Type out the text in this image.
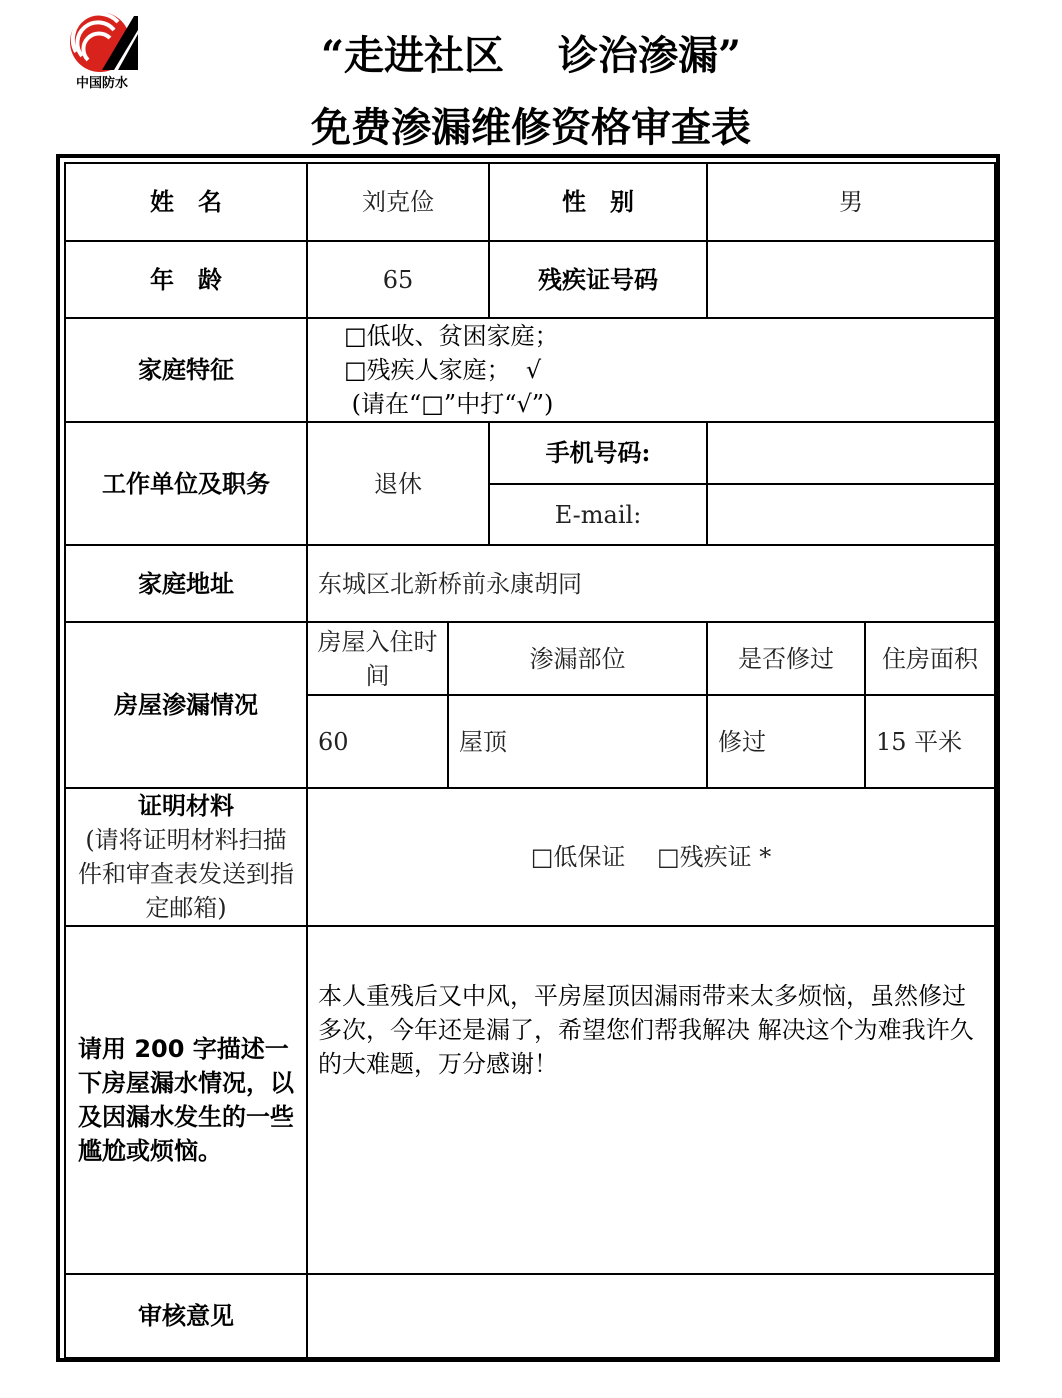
中国防水
“走进社区　 诊治渗漏”
免费渗漏维修资格审查表
姓　名	刘克俭		性　别	男	
年　龄	65		残疾证号码		
家庭特征	□低收、贫困家庭；
□残疾人家庭；  √
(请在“□”中打“√”)				

工作单位及职务	退休		手机号码:		
			E-mail:		
家庭地址	东城区北新桥前永康胡同				
房屋渗漏情况	房屋入住时间	渗漏部位		是否修过	住房面积
	60	屋顶		修过	15 平米

证明材料
(请将证明材料扫描件和审查表发送到指定邮箱)	□低保证　 □残疾证 *				
请用 200 字描述一下房屋漏水情况，以及因漏水发生的一些尴尬或烦恼。	本人重残后又中风，平房屋顶因漏雨带来太多烦恼，虽然修过多次，今年还是漏了，希望您们帮我解决 解决这个为难我许久的大难题，万分感谢！				
审核意见					
